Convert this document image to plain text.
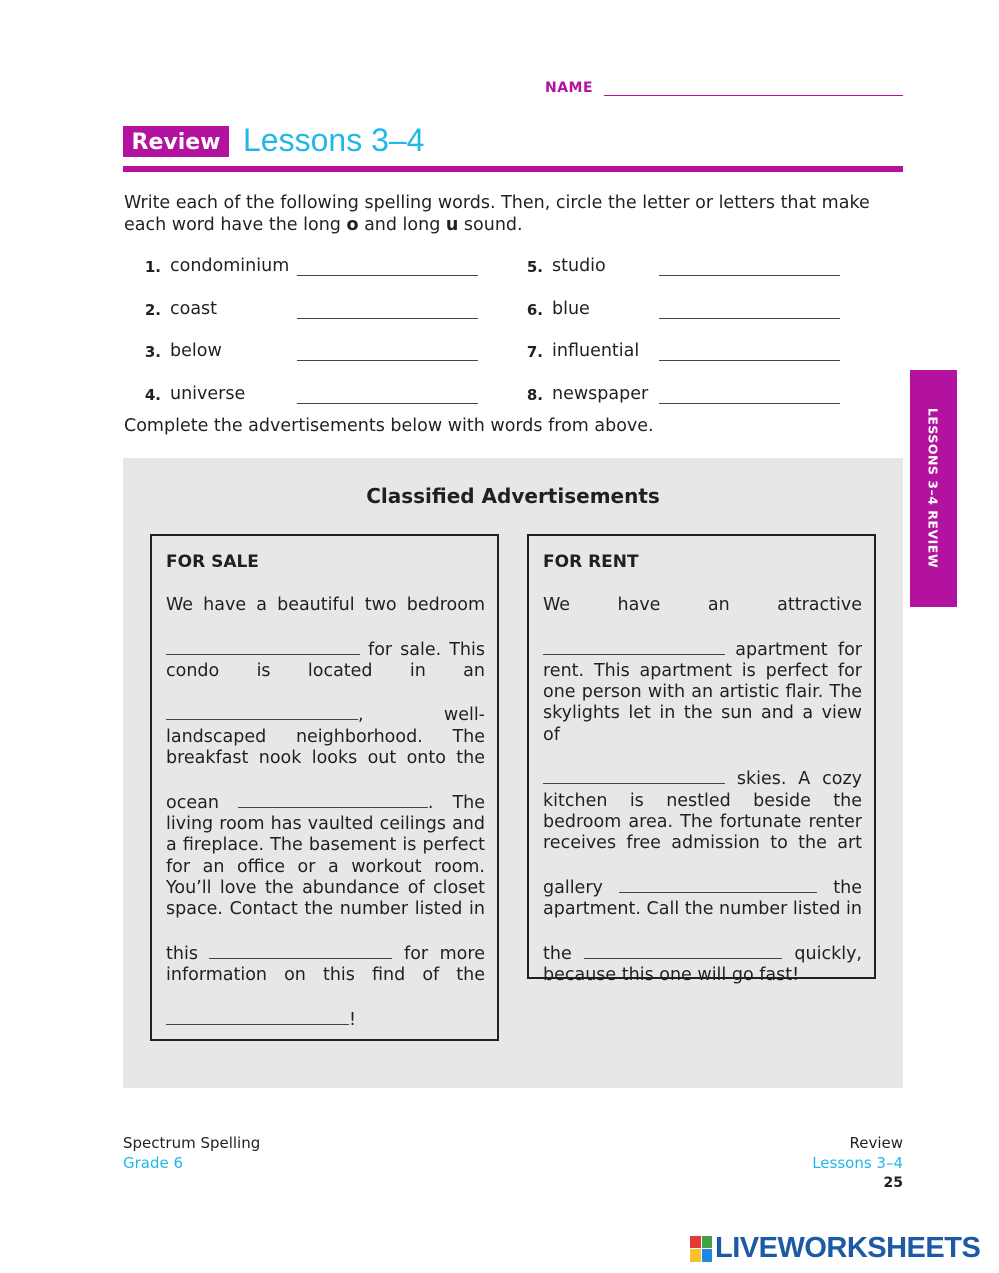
NAME
Review Lessons 3–4
Write each of the following spelling words. Then, circle the letter or letters that make each word have the long o and long u sound.
1. condominium
2. coast
3. below
4. universe
5. studio
6. blue
7. influential
8. newspaper
Complete the advertisements below with words from above.	LESSONS 3–4 REVIEW
Classified Advertisements
FOR SALE

We have a beautiful two bedroom

for sale. This

condo is located in an

, well-

landscaped neighborhood. The

breakfast nook looks out onto the

ocean	. The

living room has vaulted ceilings and

a fireplace. The basement is perfect

for an office or a workout room.

You’ll love the abundance of closet

space. Contact the number listed in

this	for more

information on this find of the

!

FOR RENT

We have an attractive

apartment for

rent. This apartment is perfect for

one person with an artistic flair. The

skylights let in the sun and a view of

skies. A cozy

kitchen is nestled beside the

bedroom area. The fortunate renter

receives free admission to the art

gallery	the

apartment. Call the number listed in

the	quickly,

because this one will go fast!

Spectrum Spelling
Grade 6
Review
Lessons 3–4
25
LIVEWORKSHEETS
